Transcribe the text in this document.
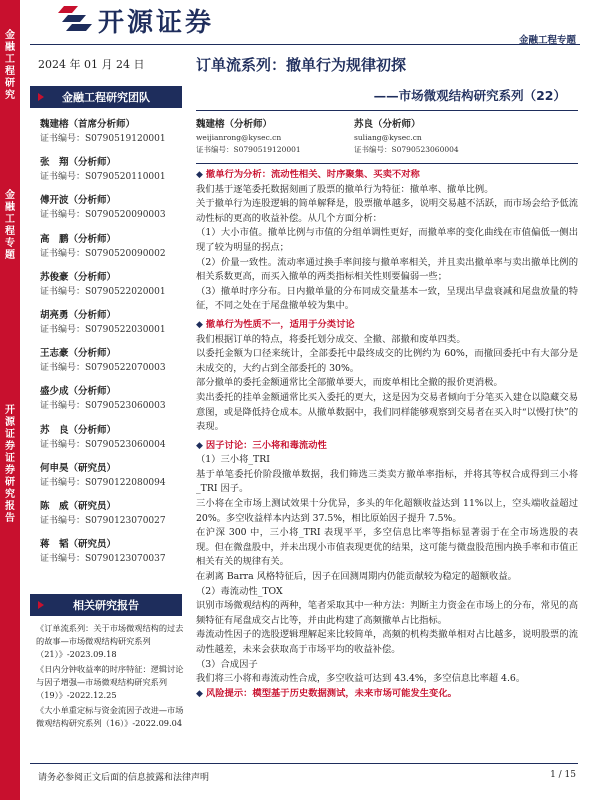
金融工程研究
金融工程专题
开源证券 证券研究报告
开源证券
金融工程专题
2024 年 01 月 24 日
金融工程研究团队
魏建榕（首席分析师）
证书编号：S0790519120001
张　翔（分析师）
证书编号：S0790520110001
傅开波（分析师）
证书编号：S0790520090003
高　鹏（分析师）
证书编号：S0790520090002
苏俊豪（分析师）
证书编号：S0790522020001
胡亮勇（分析师）
证书编号：S0790522030001
王志豪（分析师）
证书编号：S0790522070003
盛少成（分析师）
证书编号：S0790523060003
苏　良（分析师）
证书编号：S0790523060004
何申昊（研究员）
证书编号：S0790122080094
陈　威（研究员）
证书编号：S0790123070027
蒋　韬（研究员）
证书编号：S0790123070037
相关研究报告
《订单流系列：关于市场微观结构的过去的故事—市场微观结构研究系列（21）》-2023.09.18
《日内分钟收益率的时序特征：逻辑讨论与因子增强—市场微观结构研究系列（19）》-2022.12.25
《大小单重定标与资金流因子改进—市场微观结构研究系列（16）》-2022.09.04
订单流系列：撤单行为规律初探
——市场微观结构研究系列（22）
魏建榕（分析师）
weijianrong@kysec.cn
证书编号：S0790519120001
苏良（分析师）
suliang@kysec.cn
证书编号：S0790523060004

◆ 撤单行为分析：流动性相关、时序聚集、买卖不对称

我们基于逐笔委托数据刻画了股票的撤单行为特征：撤单率、撤单比例。

关于撤单行为连股逻辑的简单解释是，股票撤单越多，说明交易越不活跃，而市场会给予低流动性标的更高的收益补偿。从几个方面分析：

（1）大小市值。撤单比例与市值的分组单调性更好，而撤单率的变化曲线在市值偏低一侧出现了较为明显的拐点；

（2）价量一致性。流动率通过换手率间接与撤单率相关，并且卖出撤单率与卖出撤单比例的相关系数更高，而买入撤单的两类指标相关性则要偏弱一些；

（3）撤单时序分布。日内撤单量的分布同成交量基本一致，呈现出早盘衰减和尾盘放量的特征，不同之处在于尾盘撤单较为集中。

◆ 撤单行为性质不一，适用于分类讨论

我们根据订单的特点，将委托划分成交、全撤、部撤和废单四类。

以委托金额为口径来统计，全部委托中最终成交的比例约为 60%，而撤回委托中有大部分是未成交的，大约占到全部委托的 30%。

部分撤单的委托金额通常比全部撤单要大，而废单相比全撤的报价更消极。

卖出委托的挂单金额通常比买入委托的更大，这是因为交易者倾向于分笔买入建仓以隐藏交易意图，或是降低持仓成本。从撤单数据中，我们同样能够观察到交易者在买入时“以慢打快”的表现。

◆ 因子讨论：三小将和毒流动性

（1）三小将_TRI

基于单笔委托价阶段撤单数据，我们筛选三类卖方撤单率指标，并将其等权合成得到三小将_TRI 因子。

三小将在全市场上测试效果十分优异，多头的年化超额收益达到 11%以上，空头端收益超过 20%。多空收益样本内达到 37.5%，相比原始因子提升 7.5%。

在沪深 300 中，三小将_TRI 表现平平，多空信息比率等指标显著弱于在全市场选股的表现。但在微盘股中，并未出现小市值表现更优的结果，这可能与微盘股范围内换手率和市值正相关有关的规律有关。

在剥离 Barra 风格特征后，因子在回测周期内仍能贡献较为稳定的超额收益。

（2）毒流动性_TOX

识别市场微观结构的两种，笔者采取其中一种方法：判断主力资金在市场上的分布，常见的高频特征有尾盘成交占比等，并由此构建了高频撤单占比指标。

毒流动性因子的选股逻辑理解起来比较简单，高频的机构类撤单相对占比越多，说明股票的流动性越差，未来会获取高于市场平均的收益补偿。

（3）合成因子

我们将三小将和毒流动性合成，多空收益可达到 43.4%，多空信息比率超 4.6。

◆ 风险提示：模型基于历史数据测试，未来市场可能发生变化。

请务必参阅正文后面的信息披露和法律声明	1 / 15
